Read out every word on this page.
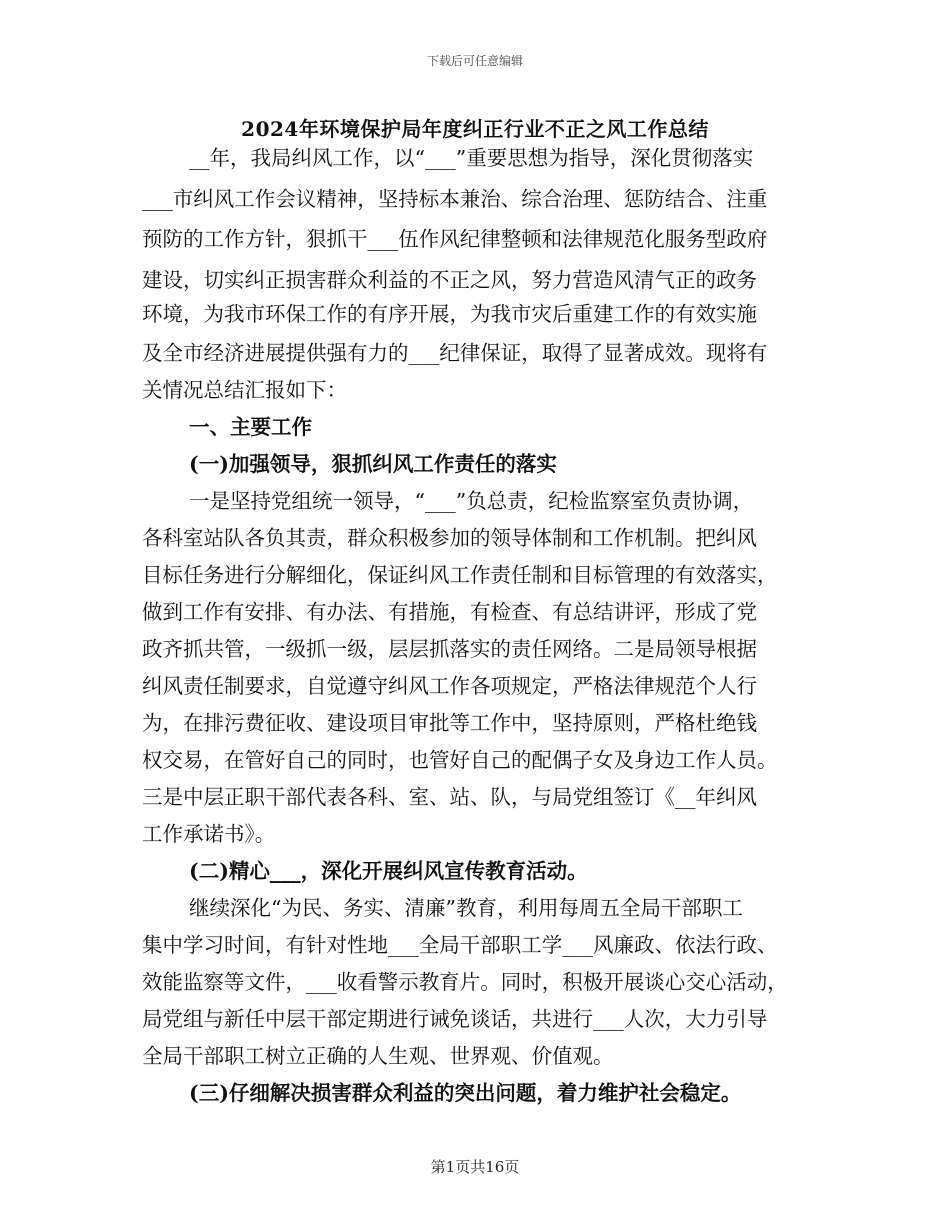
下载后可任意编辑
2024年环境保护局年度纠正行业不正之风工作总结
__年，我局纠风工作，以“___”重要思想为指导，深化贯彻落实
___市纠风工作会议精神，坚持标本兼治、综合治理、惩防结合、注重
预防的工作方针，狠抓干___伍作风纪律整顿和法律规范化服务型政府
建设，切实纠正损害群众利益的不正之风，努力营造风清气正的政务
环境，为我市环保工作的有序开展，为我市灾后重建工作的有效实施
及全市经济进展提供强有力的___纪律保证，取得了显著成效。现将有
关情况总结汇报如下：
一、主要工作
(一)加强领导，狠抓纠风工作责任的落实
一是坚持党组统一领导，“___”负总责，纪检监察室负责协调，
各科室站队各负其责，群众积极参加的领导体制和工作机制。把纠风
目标任务进行分解细化，保证纠风工作责任制和目标管理的有效落实，
做到工作有安排、有办法、有措施，有检查、有总结讲评，形成了党
政齐抓共管，一级抓一级，层层抓落实的责任网络。二是局领导根据
纠风责任制要求，自觉遵守纠风工作各项规定，严格法律规范个人行
为，在排污费征收、建设项目审批等工作中，坚持原则，严格杜绝钱
权交易，在管好自己的同时，也管好自己的配偶子女及身边工作人员。
三是中层正职干部代表各科、室、站、队，与局党组签订《__年纠风
工作承诺书》。
(二)精心___，深化开展纠风宣传教育活动。
继续深化“为民、务实、清廉”教育，利用每周五全局干部职工
集中学习时间，有针对性地___全局干部职工学___风廉政、依法行政、
效能监察等文件，___收看警示教育片。同时，积极开展谈心交心活动，
局党组与新任中层干部定期进行诫免谈话，共进行___人次，大力引导
全局干部职工树立正确的人生观、世界观、价值观。
(三)仔细解决损害群众利益的突出问题，着力维护社会稳定。
第1页共16页
